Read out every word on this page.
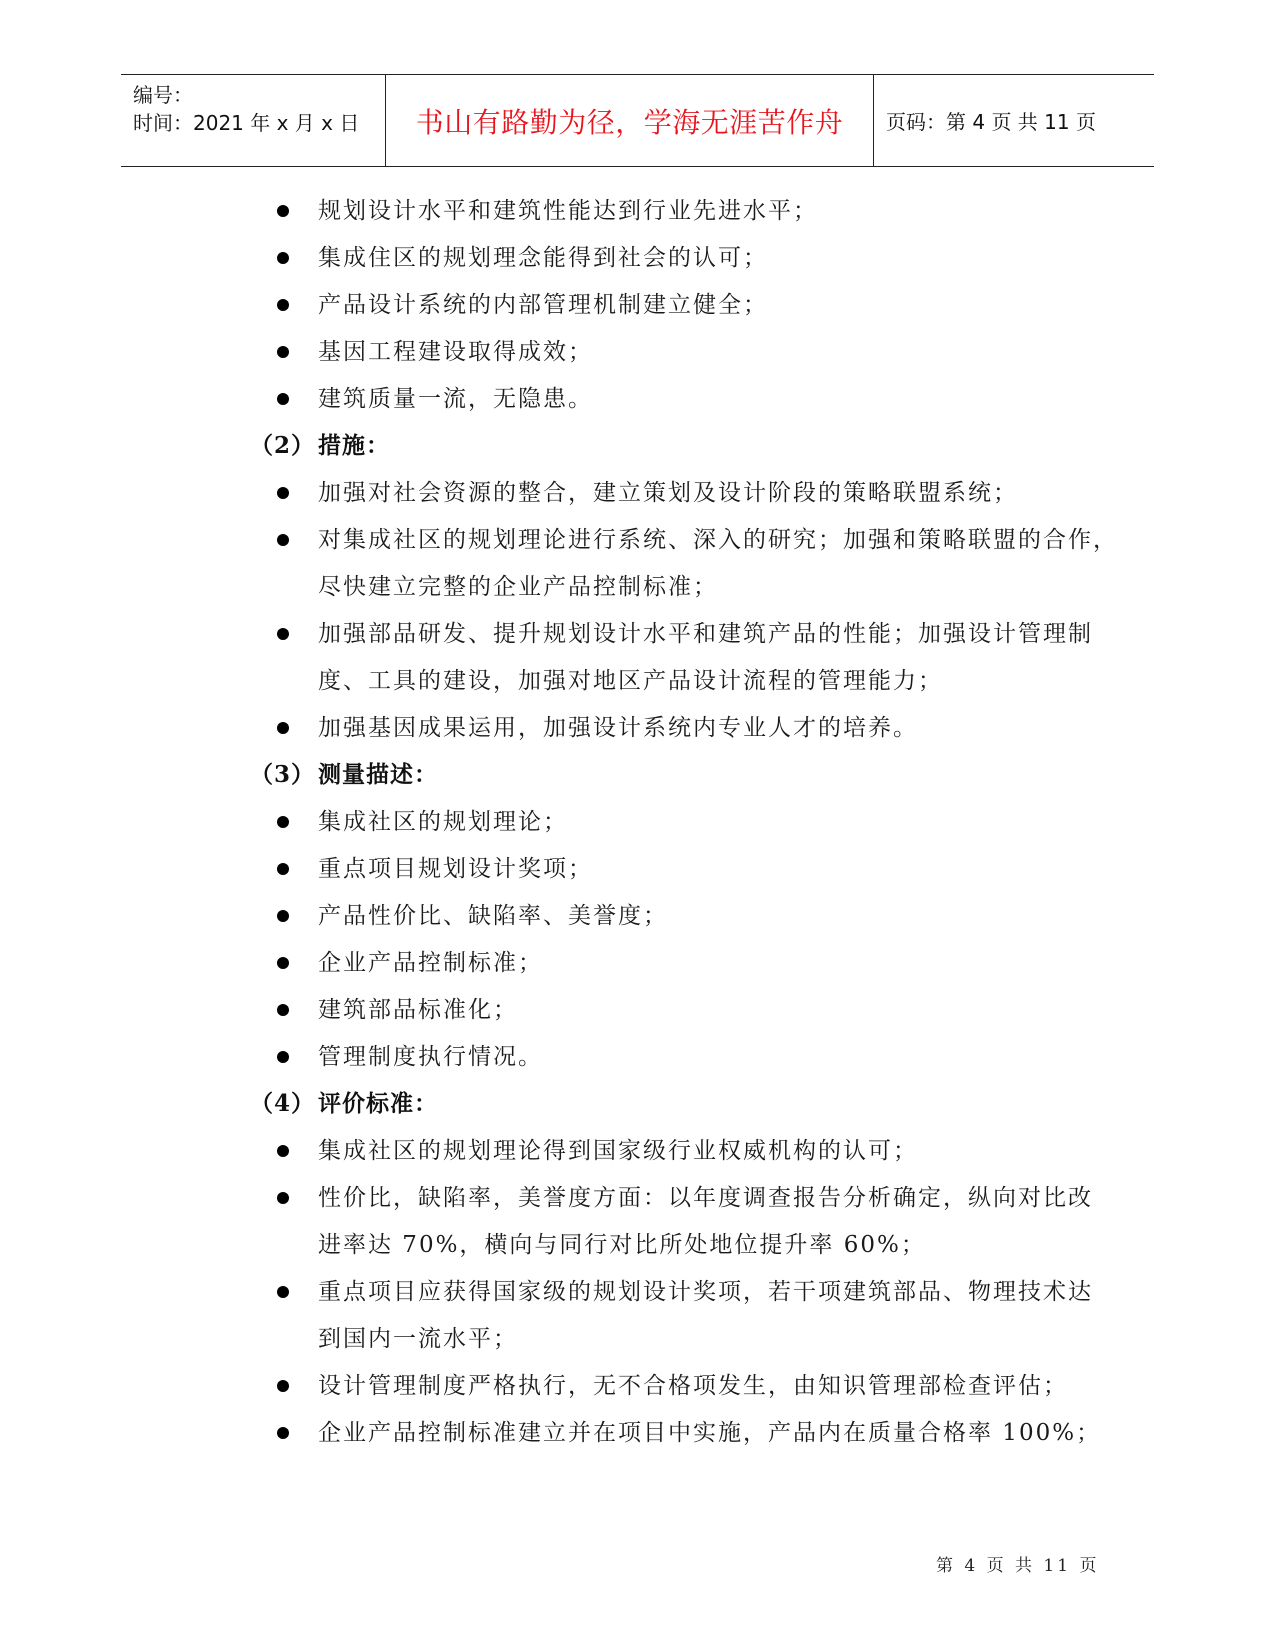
编号：
时间：2021 年 x 月 x 日 书山有路勤为径，学海无涯苦作舟 页码：第 4 页 共 11 页
规划设计水平和建筑性能达到行业先进水平；
集成住区的规划理念能得到社会的认可；
产品设计系统的内部管理机制建立健全；
基因工程建设取得成效；
建筑质量一流，无隐患。
（2） 措施：
加强对社会资源的整合，建立策划及设计阶段的策略联盟系统；
对集成社区的规划理论进行系统、深入的研究；加强和策略联盟的合作，
尽快建立完整的企业产品控制标准；
加强部品研发、提升规划设计水平和建筑产品的性能；加强设计管理制
度、工具的建设，加强对地区产品设计流程的管理能力；
加强基因成果运用，加强设计系统内专业人才的培养。
（3） 测量描述：
集成社区的规划理论；
重点项目规划设计奖项；
产品性价比、缺陷率、美誉度；
企业产品控制标准；
建筑部品标准化；
管理制度执行情况。
（4） 评价标准：
集成社区的规划理论得到国家级行业权威机构的认可；
性价比，缺陷率，美誉度方面：以年度调查报告分析确定，纵向对比改
进率达 70%，横向与同行对比所处地位提升率 60%；
重点项目应获得国家级的规划设计奖项，若干项建筑部品、物理技术达
到国内一流水平；
设计管理制度严格执行，无不合格项发生，由知识管理部检查评估；
企业产品控制标准建立并在项目中实施，产品内在质量合格率 100%；
第 4 页 共 11 页
